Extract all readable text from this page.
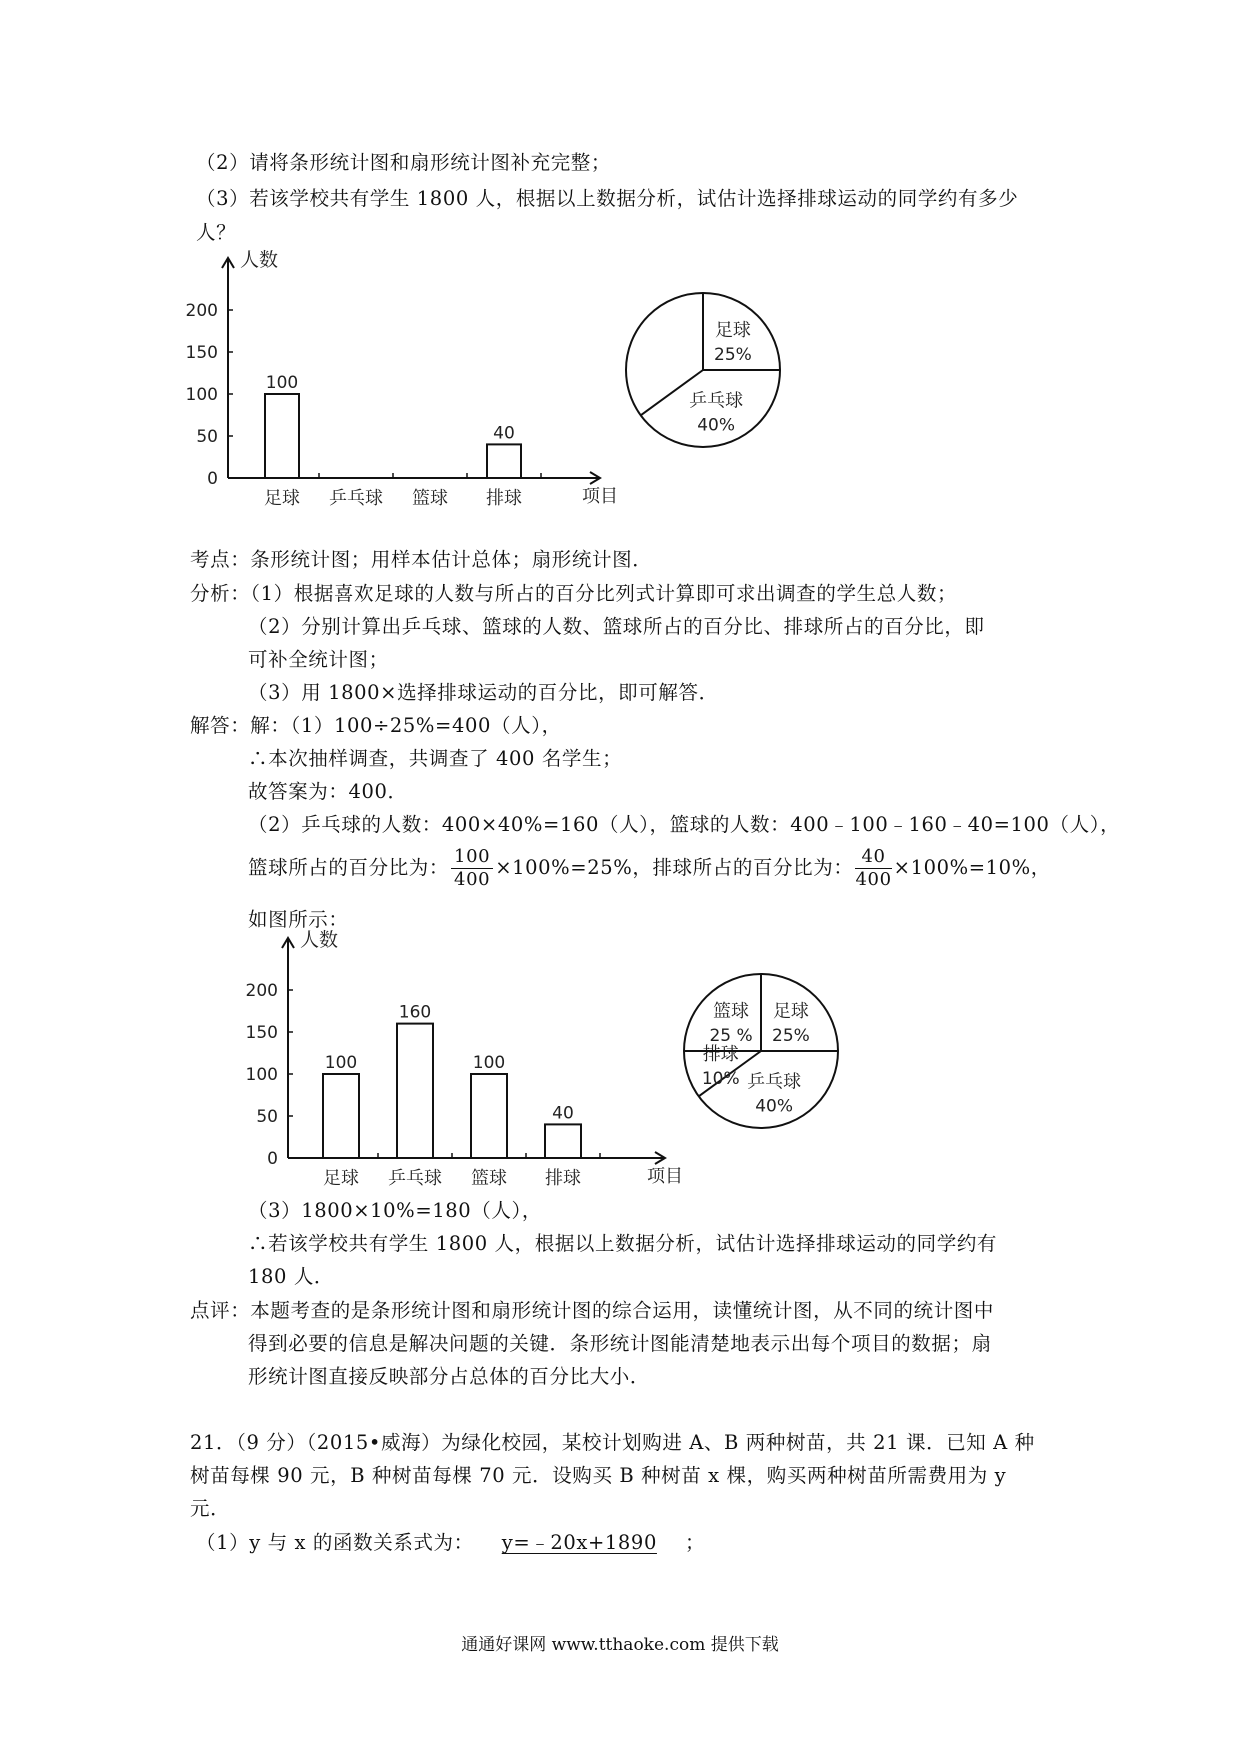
（2）请将条形统计图和扇形统计图补充完整；
（3）若该学校共有学生 1800 人，根据以上数据分析，试估计选择排球运动的同学约有多少
人？
人数
项目
0
50
100
150
200
足球
100
乒乓球 篮球 排球
40
足球
25%
乒乓球
40%
考点：条形统计图；用样本估计总体；扇形统计图．
分析：（1）根据喜欢足球的人数与所占的百分比列式计算即可求出调查的学生总人数；
（2）分别计算出乒乓球、篮球的人数、篮球所占的百分比、排球所占的百分比，即
可补全统计图；
（3）用 1800×选择排球运动的百分比，即可解答．
解答：解：（1）100÷25%=400（人），
∴本次抽样调查，共调查了 400 名学生；
故答案为：400．
（2）乒乓球的人数：400×40%=160（人），篮球的人数：400﹣100﹣160﹣40=100（人），
篮球所占的百分比为： $\frac{100}{400} \times 100\%=25\%$，排球所占的百分比为： $\frac{40}{400} \times 100\%=10\%$，
如图所示：
人数
项目
0
50
100
150
200
足球
100
乒乓球
160
篮球
100
排球
40
足球
25%
乒乓球
40%
排球
10%
篮球
25 %
（3）1800×10%=180（人），
∴若该学校共有学生 1800 人，根据以上数据分析，试估计选择排球运动的同学约有
180 人．
点评：本题考查的是条形统计图和扇形统计图的综合运用，读懂统计图，从不同的统计图中
得到必要的信息是解决问题的关键．条形统计图能清楚地表示出每个项目的数据；扇
形统计图直接反映部分占总体的百分比大小．
21．（9 分）（2015•威海）为绿化校园，某校计划购进 A、B 两种树苗，共 21 课．已知 A 种
树苗每棵 90 元，B 种树苗每棵 70 元．设购买 B 种树苗 x 棵，购买两种树苗所需费用为 y
元．
（1）y 与 x 的函数关系式为： y=﹣20x+1890 ；
通通好课网 www.tthaoke.com 提供下载
